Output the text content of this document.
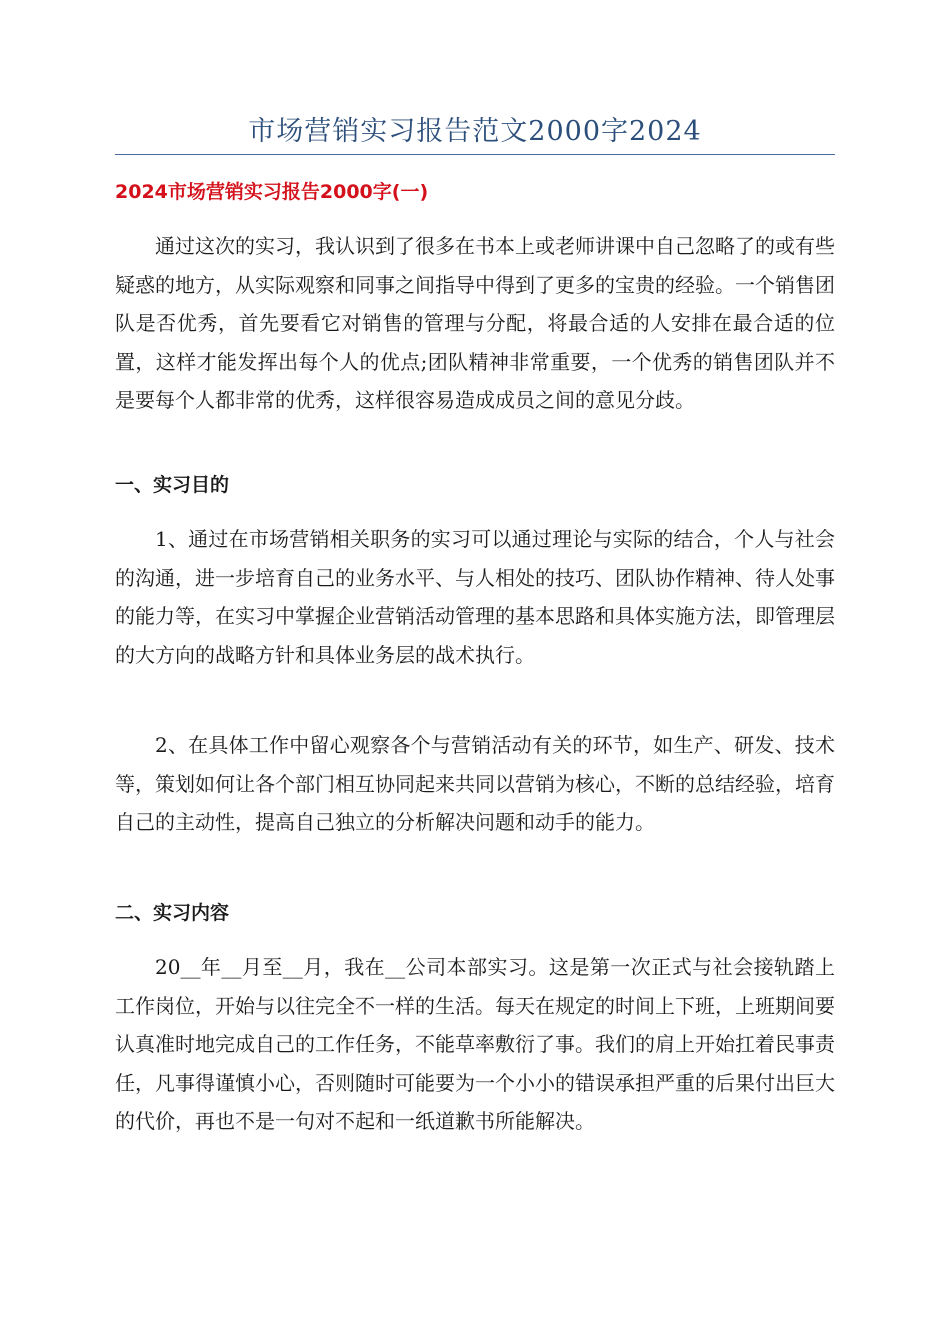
市场营销实习报告范文2000字2024
2024市场营销实习报告2000字(一)

通过这次的实习，我认识到了很多在书本上或老师讲课中自己忽略了的或有些疑惑的地方，从实际观察和同事之间指导中得到了更多的宝贵的经验。一个销售团队是否优秀，首先要看它对销售的管理与分配，将最合适的人安排在最合适的位置，这样才能发挥出每个人的优点;团队精神非常重要，一个优秀的销售团队并不是要每个人都非常的优秀，这样很容易造成成员之间的意见分歧。

一、实习目的

1、通过在市场营销相关职务的实习可以通过理论与实际的结合，个人与社会的沟通，进一步培育自己的业务水平、与人相处的技巧、团队协作精神、待人处事的能力等，在实习中掌握企业营销活动管理的基本思路和具体实施方法，即管理层的大方向的战略方针和具体业务层的战术执行。

2、在具体工作中留心观察各个与营销活动有关的环节，如生产、研发、技术等，策划如何让各个部门相互协同起来共同以营销为核心，不断的总结经验，培育自己的主动性，提高自己独立的分析解决问题和动手的能力。

二、实习内容

20__年__月至__月，我在__公司本部实习。这是第一次正式与社会接轨踏上工作岗位，开始与以往完全不一样的生活。每天在规定的时间上下班，上班期间要认真准时地完成自己的工作任务，不能草率敷衍了事。我们的肩上开始扛着民事责任，凡事得谨慎小心，否则随时可能要为一个小小的错误承担严重的后果付出巨大的代价，再也不是一句对不起和一纸道歉书所能解决。
